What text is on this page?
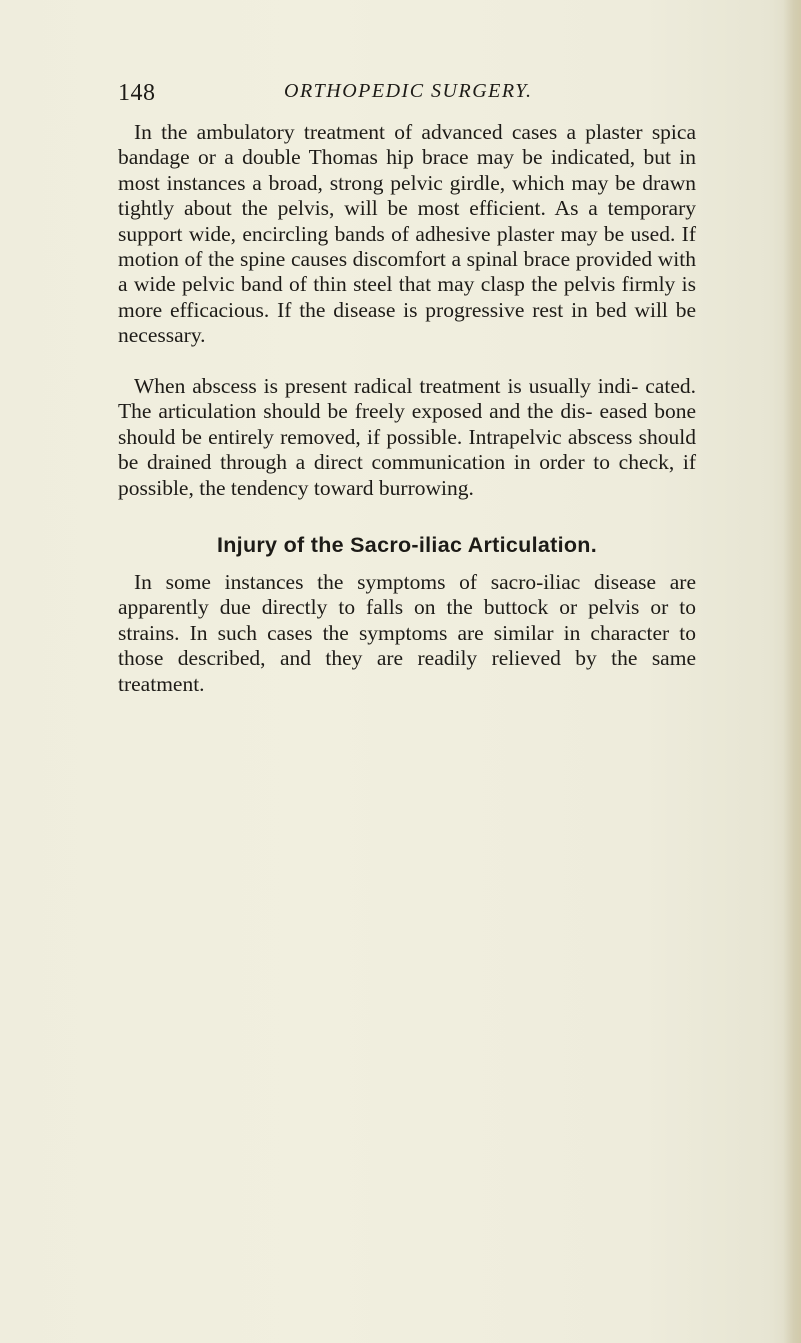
148	ORTHOPEDIC SURGERY.

In the ambulatory treatment of advanced cases a plaster spica bandage or a double Thomas hip brace may be indicated, but in most instances a broad, strong pelvic girdle, which may be drawn tightly about the pelvis, will be most efficient. As a temporary support wide, encircling bands of adhesive plaster may be used. If motion of the spine causes discomfort a spinal brace provided with a wide pelvic band of thin steel that may clasp the pelvis firmly is more efficacious. If the disease is progressive rest in bed will be necessary.

When abscess is present radical treatment is usually indi- cated. The articulation should be freely exposed and the dis- eased bone should be entirely removed, if possible. Intrapelvic abscess should be drained through a direct communication in order to check, if possible, the tendency toward burrowing.

Injury of the Sacro-iliac Articulation.

In some instances the symptoms of sacro-iliac disease are apparently due directly to falls on the buttock or pelvis or to strains. In such cases the symptoms are similar in character to those described, and they are readily relieved by the same treatment.
